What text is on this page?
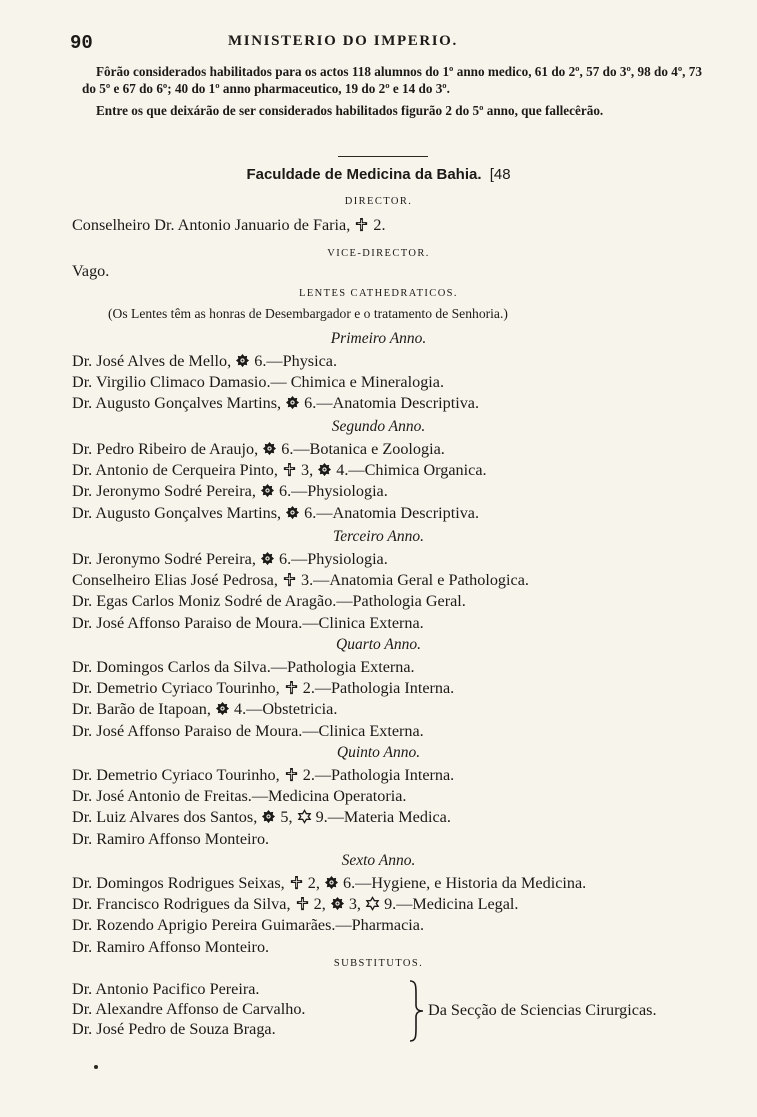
90	MINISTERIO DO IMPERIO.

Fôrão considerados habilitados para os actos 118 alumnos do 1º anno medico, 61 do 2º, 57 do 3º, 98 do 4º, 73 do 5º e 67 do 6º; 40 do 1º anno pharmaceutico, 19 do 2º e 14 do 3º.

Entre os que deixárão de ser considerados habilitados figurão 2 do 5º anno, que fallecêrão.

Faculdade de Medicina da Bahia. [48
DIRECTOR.
Conselheiro Dr. Antonio Januario de Faria, 2.
VICE-DIRECTOR.
Vago.
LENTES CATHEDRATICOS.
(Os Lentes têm as honras de Desembargador e o tratamento de Senhoria.)
Primeiro Anno.
Dr. José Alves de Mello, 6.—Physica.
Dr. Virgilio Climaco Damasio.— Chimica e Mineralogia.
Dr. Augusto Gonçalves Martins, 6.—Anatomia Descriptiva.
Segundo Anno.
Dr. Pedro Ribeiro de Araujo, 6.—Botanica e Zoologia.
Dr. Antonio de Cerqueira Pinto, 3, 4.—Chimica Organica.
Dr. Jeronymo Sodré Pereira, 6.—Physiologia.
Dr. Augusto Gonçalves Martins, 6.—Anatomia Descriptiva.
Terceiro Anno.
Dr. Jeronymo Sodré Pereira, 6.—Physiologia.
Conselheiro Elias José Pedrosa, 3.—Anatomia Geral e Pathologica.
Dr. Egas Carlos Moniz Sodré de Aragão.—Pathologia Geral.
Dr. José Affonso Paraiso de Moura.—Clinica Externa.
Quarto Anno.
Dr. Domingos Carlos da Silva.—Pathologia Externa.
Dr. Demetrio Cyriaco Tourinho, 2.—Pathologia Interna.
Dr. Barão de Itapoan, 4.—Obstetricia.
Dr. José Affonso Paraiso de Moura.—Clinica Externa.
Quinto Anno.
Dr. Demetrio Cyriaco Tourinho, 2.—Pathologia Interna.
Dr. José Antonio de Freitas.—Medicina Operatoria.
Dr. Luiz Alvares dos Santos, 5, 9.—Materia Medica.
Dr. Ramiro Affonso Monteiro.
Sexto Anno.
Dr. Domingos Rodrigues Seixas, 2, 6.—Hygiene, e Historia da Medicina.
Dr. Francisco Rodrigues da Silva, 2, 3, 9.—Medicina Legal.
Dr. Rozendo Aprigio Pereira Guimarães.—Pharmacia.
Dr. Ramiro Affonso Monteiro.
SUBSTITUTOS.
Dr. Antonio Pacifico Pereira.
Dr. Alexandre Affonso de Carvalho.
Dr. José Pedro de Souza Braga.
Da Secção de Sciencias Cirurgicas.
